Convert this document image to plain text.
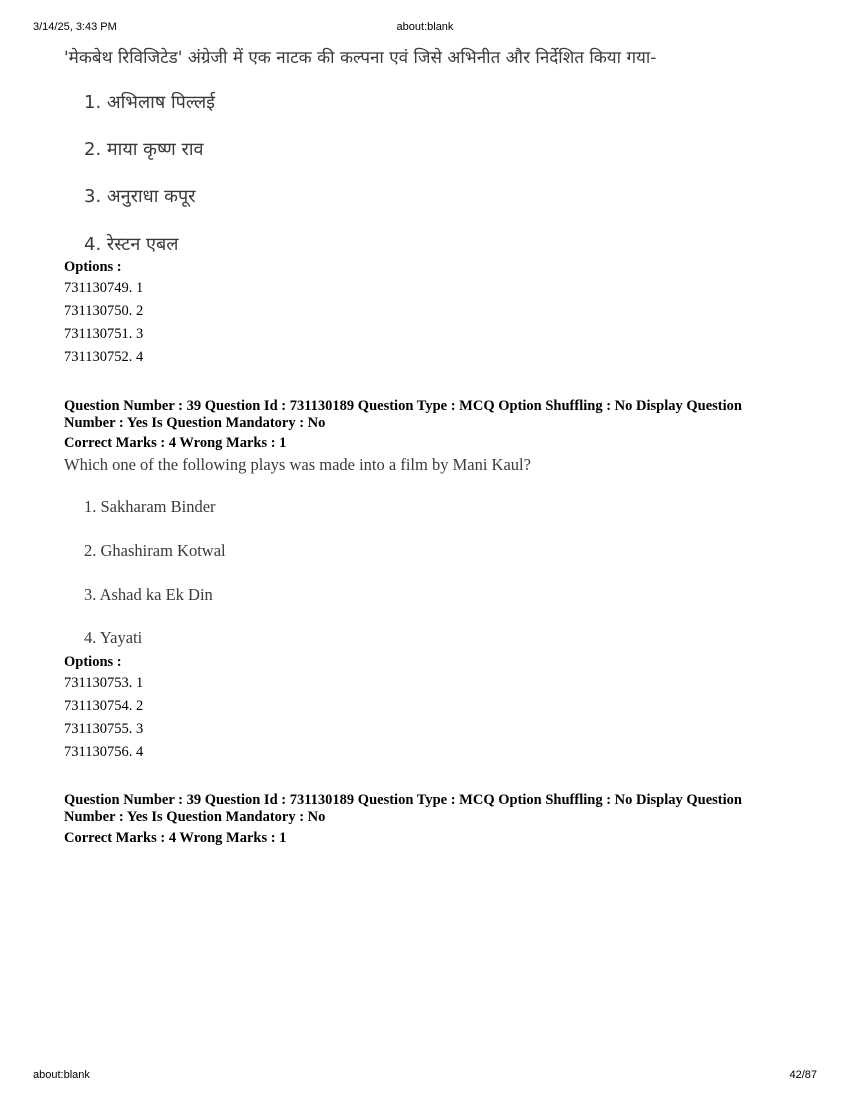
3/14/25, 3:43 PM	about:blank
'मेकबेथ रिविजिटेड' अंग्रेजी में एक नाटक की कल्पना एवं जिसे अभिनीत और निर्देशित किया गया-
1. अभिलाष पिल्लई
2. माया कृष्ण राव
3. अनुराधा कपूर
4. रेस्टन एबल
Options :
731130749. 1
731130750. 2
731130751. 3
731130752. 4
Question Number : 39 Question Id : 731130189 Question Type : MCQ Option Shuffling : No Display Question
Number : Yes Is Question Mandatory : No
Correct Marks : 4 Wrong Marks : 1
Which one of the following plays was made into a film by Mani Kaul?
1. Sakharam Binder
2. Ghashiram Kotwal
3. Ashad ka Ek Din
4. Yayati
Options :
731130753. 1
731130754. 2
731130755. 3
731130756. 4
Question Number : 39 Question Id : 731130189 Question Type : MCQ Option Shuffling : No Display Question
Number : Yes Is Question Mandatory : No
Correct Marks : 4 Wrong Marks : 1
about:blank	42/87
